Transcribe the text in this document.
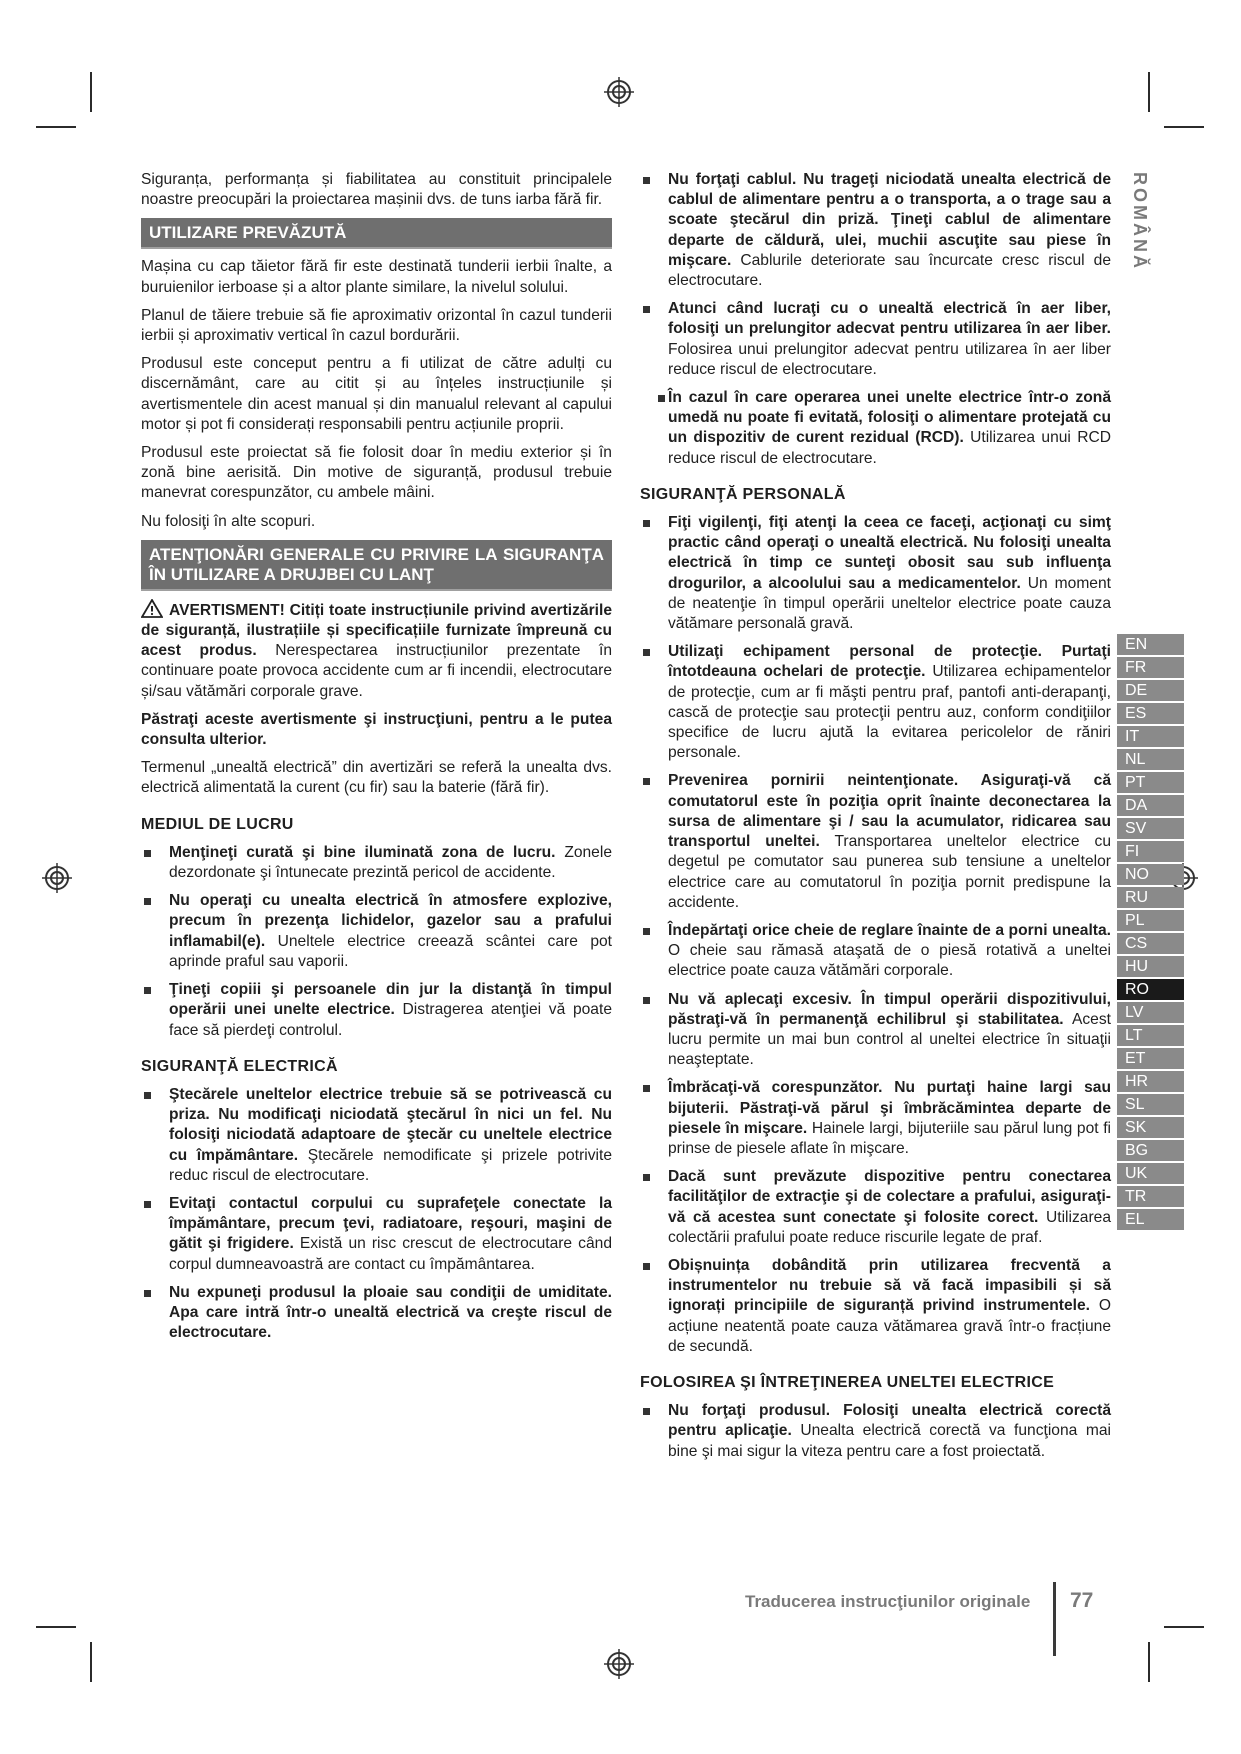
ROMÂNĂ

Siguranța, performanța și fiabilitatea au constituit principalele noastre preocupări la proiectarea mașinii dvs. de tuns iarba fără fir.

UTILIZARE PREVĂZUTĂ

Mașina cu cap tăietor fără fir este destinată tunderii ierbii înalte, a buruienilor ierboase și a altor plante similare, la nivelul solului.

Planul de tăiere trebuie să fie aproximativ orizontal în cazul tunderii ierbii și aproximativ vertical în cazul bordurării.

Produsul este conceput pentru a fi utilizat de către adulți cu discernământ, care au citit și au înțeles instrucțiunile și avertismentele din acest manual și din manualul relevant al capului motor și pot fi considerați responsabili pentru acțiunile proprii.

Produsul este proiectat să fie folosit doar în mediu exterior și în zonă bine aerisită. Din motive de siguranță, produsul trebuie manevrat corespunzător, cu ambele mâini.

Nu folosiţi în alte scopuri.

ATENŢIONĂRI GENERALE CU PRIVIRE LA SIGURANŢA ÎN UTILIZARE A DRUJBEI CU LANŢ

AVERTISMENT! Citiți toate instrucțiunile privind avertizările de siguranță, ilustrațiile și specificațiile furnizate împreună cu acest produs. Nerespectarea instrucțiunilor prezentate în continuare poate provoca accidente cum ar fi incendii, electrocutare și/sau vătămări corporale grave.

Păstraţi aceste avertismente şi instrucţiuni, pentru a le putea consulta ulterior.

Termenul „unealtă electrică” din avertizări se referă la unealta dvs. electrică alimentată la curent (cu fir) sau la baterie (fără fir).

MEDIUL DE LUCRU
Menţineţi curată şi bine iluminată zona de lucru. Zonele dezordonate şi întunecate prezintă pericol de accidente.
Nu operaţi cu unealta electrică în atmosfere explozive, precum în prezenţa lichidelor, gazelor sau a prafului inflamabil(e). Uneltele electrice creează scântei care pot aprinde praful sau vaporii.
Ţineţi copiii şi persoanele din jur la distanţă în timpul operării unei unelte electrice. Distragerea atenţiei vă poate face să pierdeţi controlul.
SIGURANŢĂ ELECTRICĂ
Ştecărele uneltelor electrice trebuie să se potrivească cu priza. Nu modificaţi niciodată ştecărul în nici un fel. Nu folosiţi niciodată adaptoare de ştecăr cu uneltele electrice cu împământare. Ştecărele nemodificate şi prizele potrivite reduc riscul de electrocutare.
Evitaţi contactul corpului cu suprafeţele conectate la împământare, precum ţevi, radiatoare, reşouri, maşini de gătit şi frigidere. Există un risc crescut de electrocutare când corpul dumneavoastră are contact cu împământarea.
Nu expuneţi produsul la ploaie sau condiţii de umiditate. Apa care intră într-o unealtă electrică va creşte riscul de electrocutare.
Nu forţaţi cablul. Nu trageţi niciodată unealta electrică de cablul de alimentare pentru a o transporta, a o trage sau a scoate ştecărul din priză. Ţineţi cablul de alimentare departe de căldură, ulei, muchii ascuţite sau piese în mişcare. Cablurile deteriorate sau încurcate cresc riscul de electrocutare.
Atunci când lucraţi cu o unealtă electrică în aer liber, folosiţi un prelungitor adecvat pentru utilizarea în aer liber. Folosirea unui prelungitor adecvat pentru utilizarea în aer liber reduce riscul de electrocutare.
În cazul în care operarea unei unelte electrice într-o zonă umedă nu poate fi evitată, folosiţi o alimentare protejată cu un dispozitiv de curent rezidual (RCD). Utilizarea unui RCD reduce riscul de electrocutare.
SIGURANŢĂ PERSONALĂ
Fiţi vigilenţi, fiţi atenţi la ceea ce faceţi, acţionaţi cu simţ practic când operaţi o unealtă electrică. Nu folosiţi unealta electrică în timp ce sunteţi obosit sau sub influenţa drogurilor, a alcoolului sau a medicamentelor. Un moment de neatenţie în timpul operării uneltelor electrice poate cauza vătămare personală gravă.
Utilizaţi echipament personal de protecţie. Purtaţi întotdeauna ochelari de protecţie. Utilizarea echipamentelor de protecţie, cum ar fi măşti pentru praf, pantofi anti-derapanţi, cască de protecţie sau protecţii pentru auz, conform condiţiilor specifice de lucru ajută la evitarea pericolelor de răniri personale.
Prevenirea pornirii neintenţionate. Asiguraţi-vă că comutatorul este în poziţia oprit înainte deconectarea la sursa de alimentare şi / sau la acumulator, ridicarea sau transportul uneltei. Transportarea uneltelor electrice cu degetul pe comutator sau punerea sub tensiune a uneltelor electrice care au comutatorul în poziţia pornit predispune la accidente.
Îndepărtaţi orice cheie de reglare înainte de a porni unealta. O cheie sau rămasă ataşată de o piesă rotativă a uneltei electrice poate cauza vătămări corporale.
Nu vă aplecaţi excesiv. În timpul operării dispozitivului, păstraţi-vă în permanenţă echilibrul şi stabilitatea. Acest lucru permite un mai bun control al uneltei electrice în situaţii neaşteptate.
Îmbrăcaţi-vă corespunzător. Nu purtaţi haine largi sau bijuterii. Păstraţi-vă părul şi îmbrăcămintea departe de piesele în mişcare. Hainele largi, bijuteriile sau părul lung pot fi prinse de piesele aflate în mişcare.
Dacă sunt prevăzute dispozitive pentru conectarea facilităţilor de extracţie şi de colectare a prafului, asiguraţi-vă că acestea sunt conectate şi folosite corect. Utilizarea colectării prafului poate reduce riscurile legate de praf.
Obișnuința dobândită prin utilizarea frecventă a instrumentelor nu trebuie să vă facă impasibili și să ignorați principiile de siguranță privind instrumentele. O acțiune neatentă poate cauza vătămarea gravă într-o fracțiune de secundă.
FOLOSIREA ŞI ÎNTREŢINEREA UNELTEI ELECTRICE
Nu forţaţi produsul. Folosiţi unealta electrică corectă pentru aplicaţie. Unealta electrică corectă va funcţiona mai bine şi mai sigur la viteza pentru care a fost proiectată.
EN
FR
DE
ES
IT
NL
PT
DA
SV
FI
NO
RU
PL
CS
HU
RO
LV
LT
ET
HR
SL
SK
BG
UK
TR
EL
Traducerea instrucţiunilor originale 77
